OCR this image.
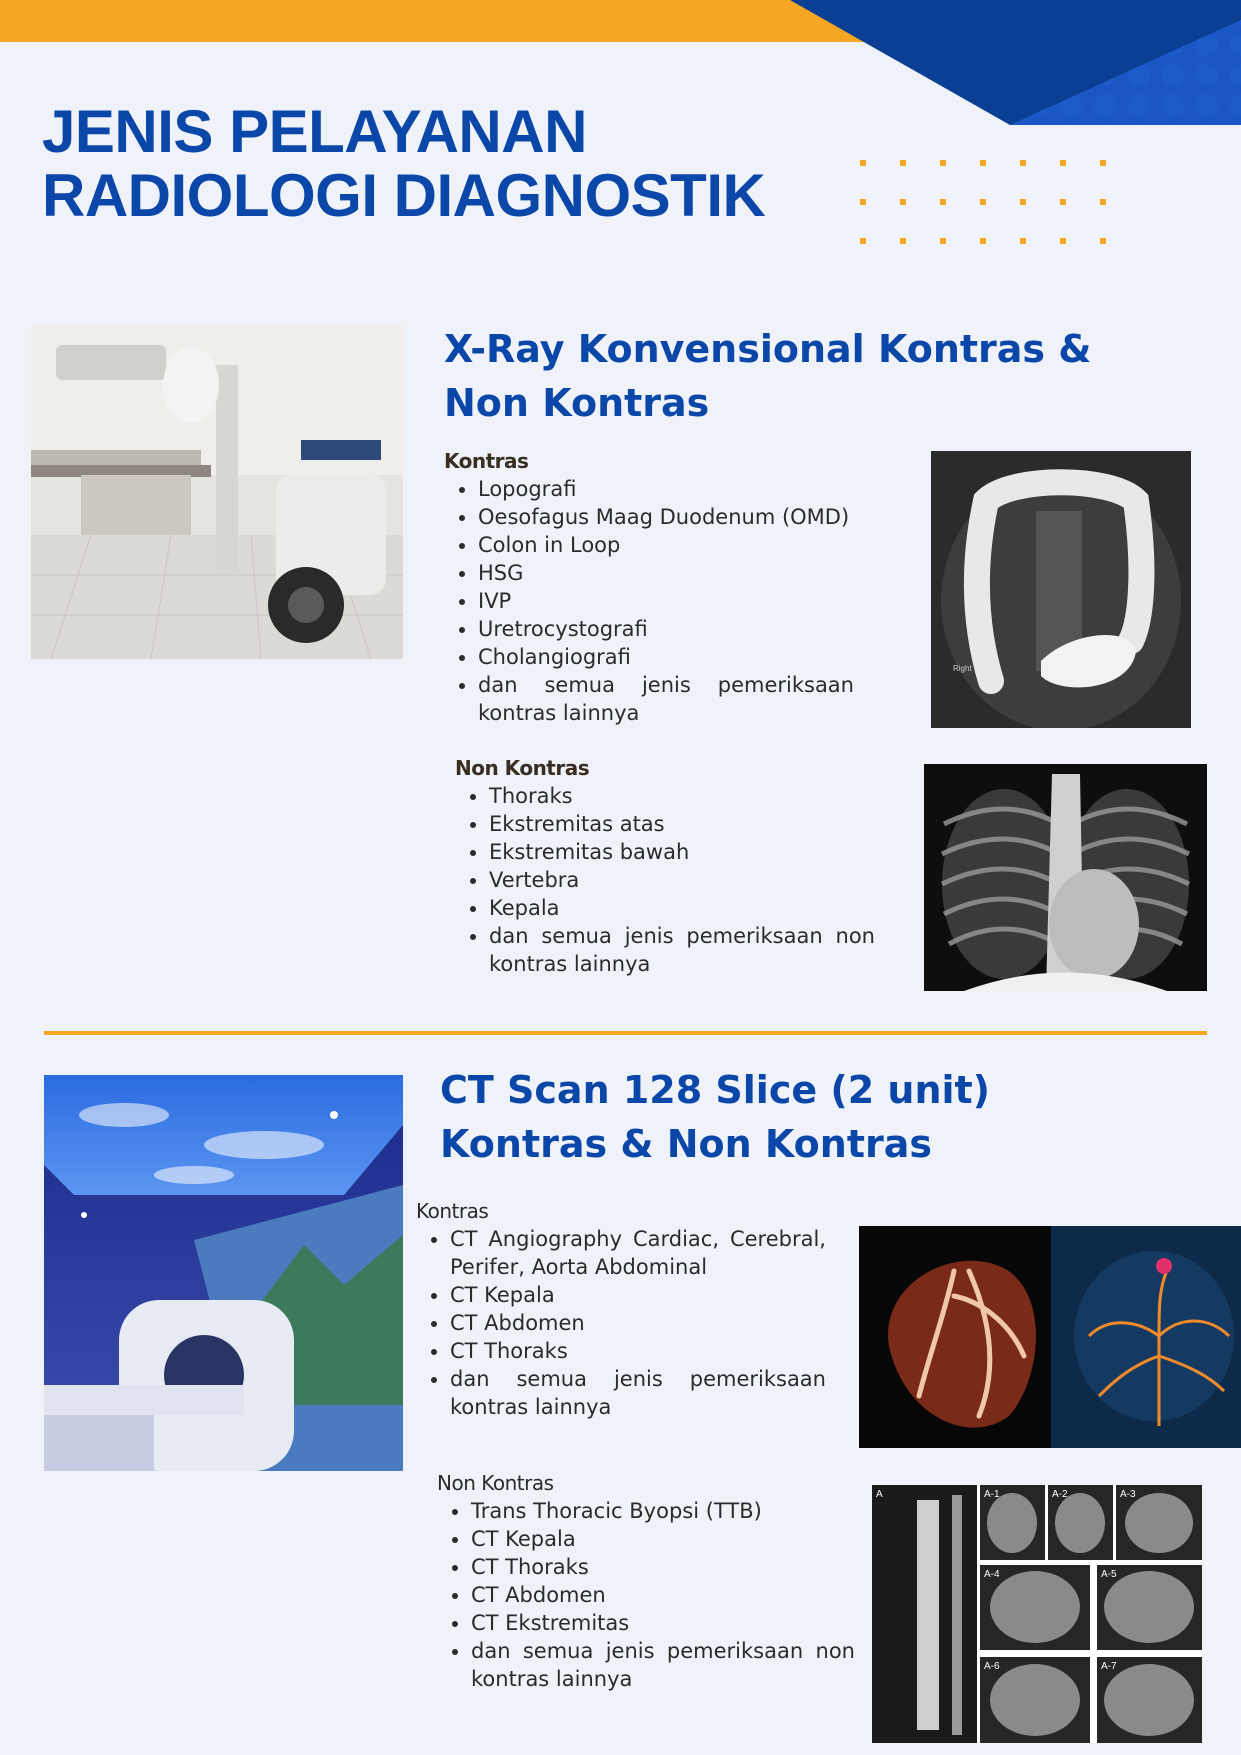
JENIS PELAYANAN
RADIOLOGI DIAGNOSTIK
X-Ray Konvensional Kontras &
Non Kontras
Kontras
• Lopografi
• Oesofagus Maag Duodenum (OMD)
• Colon in Loop
• HSG
• IVP
• Uretrocystografi
• Cholangiografi
• dan semua jenis pemeriksaan kontras lainnya
Right
Non Kontras
• Thoraks
• Ekstremitas atas
• Ekstremitas bawah
• Vertebra
• Kepala
• dan semua jenis pemeriksaan non kontras lainnya
CT Scan 128 Slice (2 unit)
Kontras & Non Kontras
Kontras
• CT Angiography Cardiac, Cerebral, Perifer, Aorta Abdominal
• CT Kepala
• CT Abdomen
• CT Thoraks
• dan semua jenis pemeriksaan kontras lainnya
Non Kontras
• Trans Thoracic Byopsi (TTB)
• CT Kepala
• CT Thoraks
• CT Abdomen
• CT Ekstremitas
• dan semua jenis pemeriksaan non kontras lainnya
A	A-1	A-2	A-3
A-4	A-5
A-6	A-7
